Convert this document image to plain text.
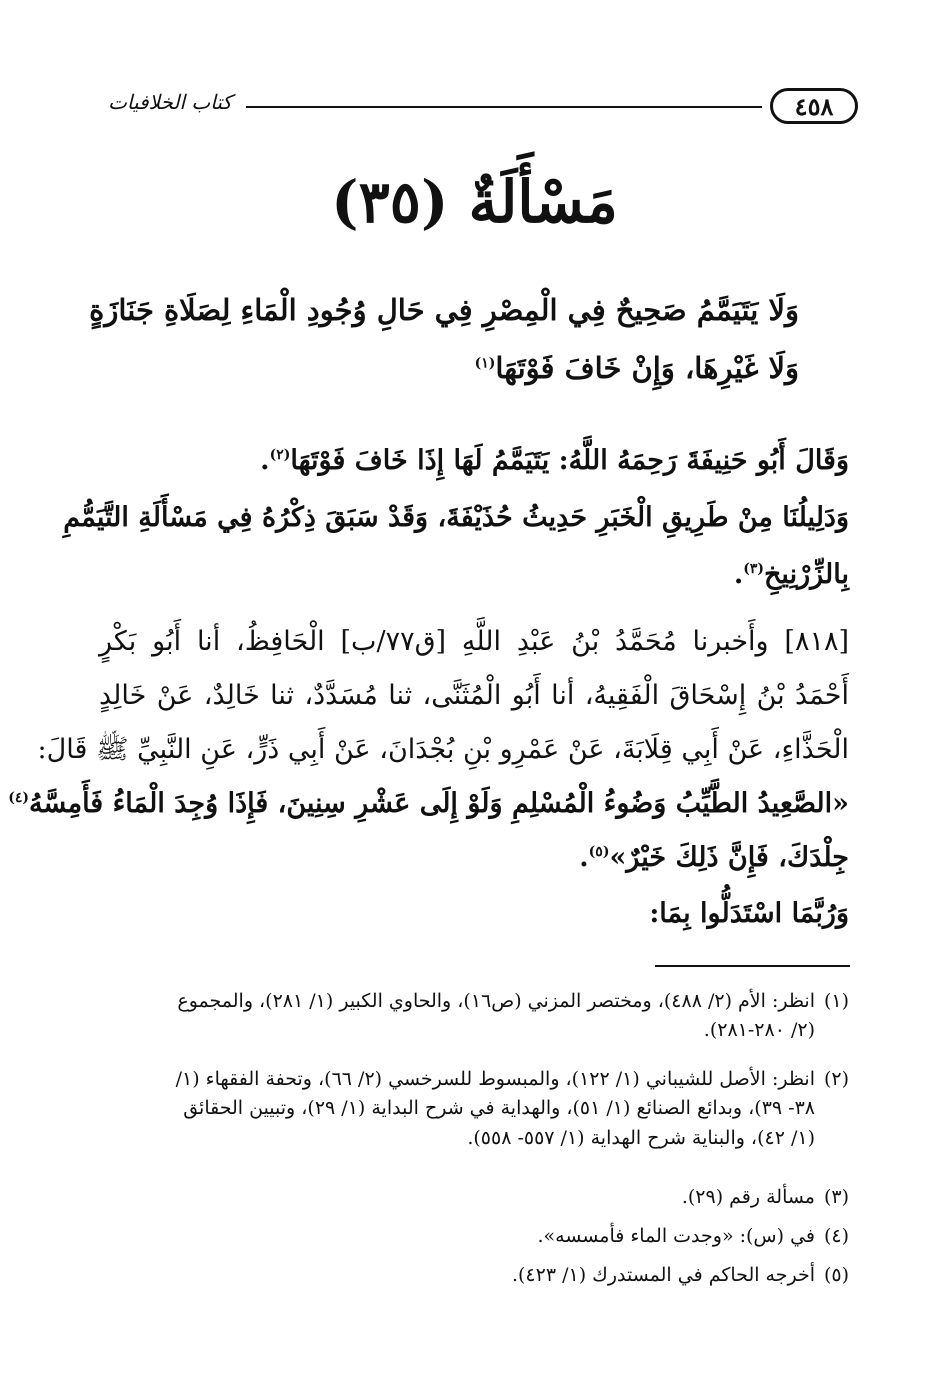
٤٥٨
كتاب الخلافيات
مَسْأَلَةٌ (٣٥)
وَلَا يَتَيَمَّمُ صَحِيحٌ فِي الْمِصْرِ فِي حَالِ وُجُودِ الْمَاءِ لِصَلَاةِ جَنَازَةٍ
وَلَا غَيْرِهَا، وَإِنْ خَافَ فَوْتَهَا$^{(١)}$
وَقَالَ أَبُو حَنِيفَةَ رَحِمَهُ اللَّهُ: يَتَيَمَّمُ لَهَا إِذَا خَافَ فَوْتَهَا$^{(٢)}$.
وَدَلِيلُنَا مِنْ طَرِيقِ الْخَبَرِ حَدِيثُ حُذَيْفَةَ، وَقَدْ سَبَقَ ذِكْرُهُ فِي مَسْأَلَةِ التَّيَمُّمِ
بِالزِّرْنِيخِ$^{(٣)}$.
[٨١٨] وأَخبرنا مُحَمَّدُ بْنُ عَبْدِ اللَّهِ [ق٧٧/ب] الْحَافِظُ، أنا أَبُو بَكْرٍ
أَحْمَدُ بْنُ إِسْحَاقَ الْفَقِيهُ، أنا أَبُو الْمُثَنَّى، ثنا مُسَدَّدٌ، ثنا خَالِدٌ، عَنْ خَالِدٍ
الْحَذَّاءِ، عَنْ أَبِي قِلَابَةَ، عَنْ عَمْرِو بْنِ بُجْدَانَ، عَنْ أَبِي ذَرٍّ، عَنِ النَّبِيِّ ﷺ قَالَ:
«الصَّعِيدُ الطَّيِّبُ وَضُوءُ الْمُسْلِمِ وَلَوْ إِلَى عَشْرِ سِنِينَ، فَإِذَا وُجِدَ الْمَاءُ فَأَمِسَّهُ$^{(٤)}$
جِلْدَكَ، فَإِنَّ ذَلِكَ خَيْرٌ»$^{(٥)}$.
وَرُبَّمَا اسْتَدَلُّوا بِمَا:
(١)انظر: الأم (٢/ ٤٨٨)، ومختصر المزني (ص١٦)، والحاوي الكبير (١/ ٢٨١)، والمجموع
(٢/ ٢٨٠-٢٨١).
(٢)انظر: الأصل للشيباني (١/ ١٢٢)، والمبسوط للسرخسي (٢/ ٦٦)، وتحفة الفقهاء (١/
٣٨- ٣٩)، وبدائع الصنائع (١/ ٥١)، والهداية في شرح البداية (١/ ٢٩)، وتبيين الحقائق
(١/ ٤٢)، والبناية شرح الهداية (١/ ٥٥٧- ٥٥٨).
(٣)مسألة رقم (٢٩).
(٤)في (س): «وجدت الماء فأمسسه».
(٥)أخرجه الحاكم في المستدرك (١/ ٤٢٣).
